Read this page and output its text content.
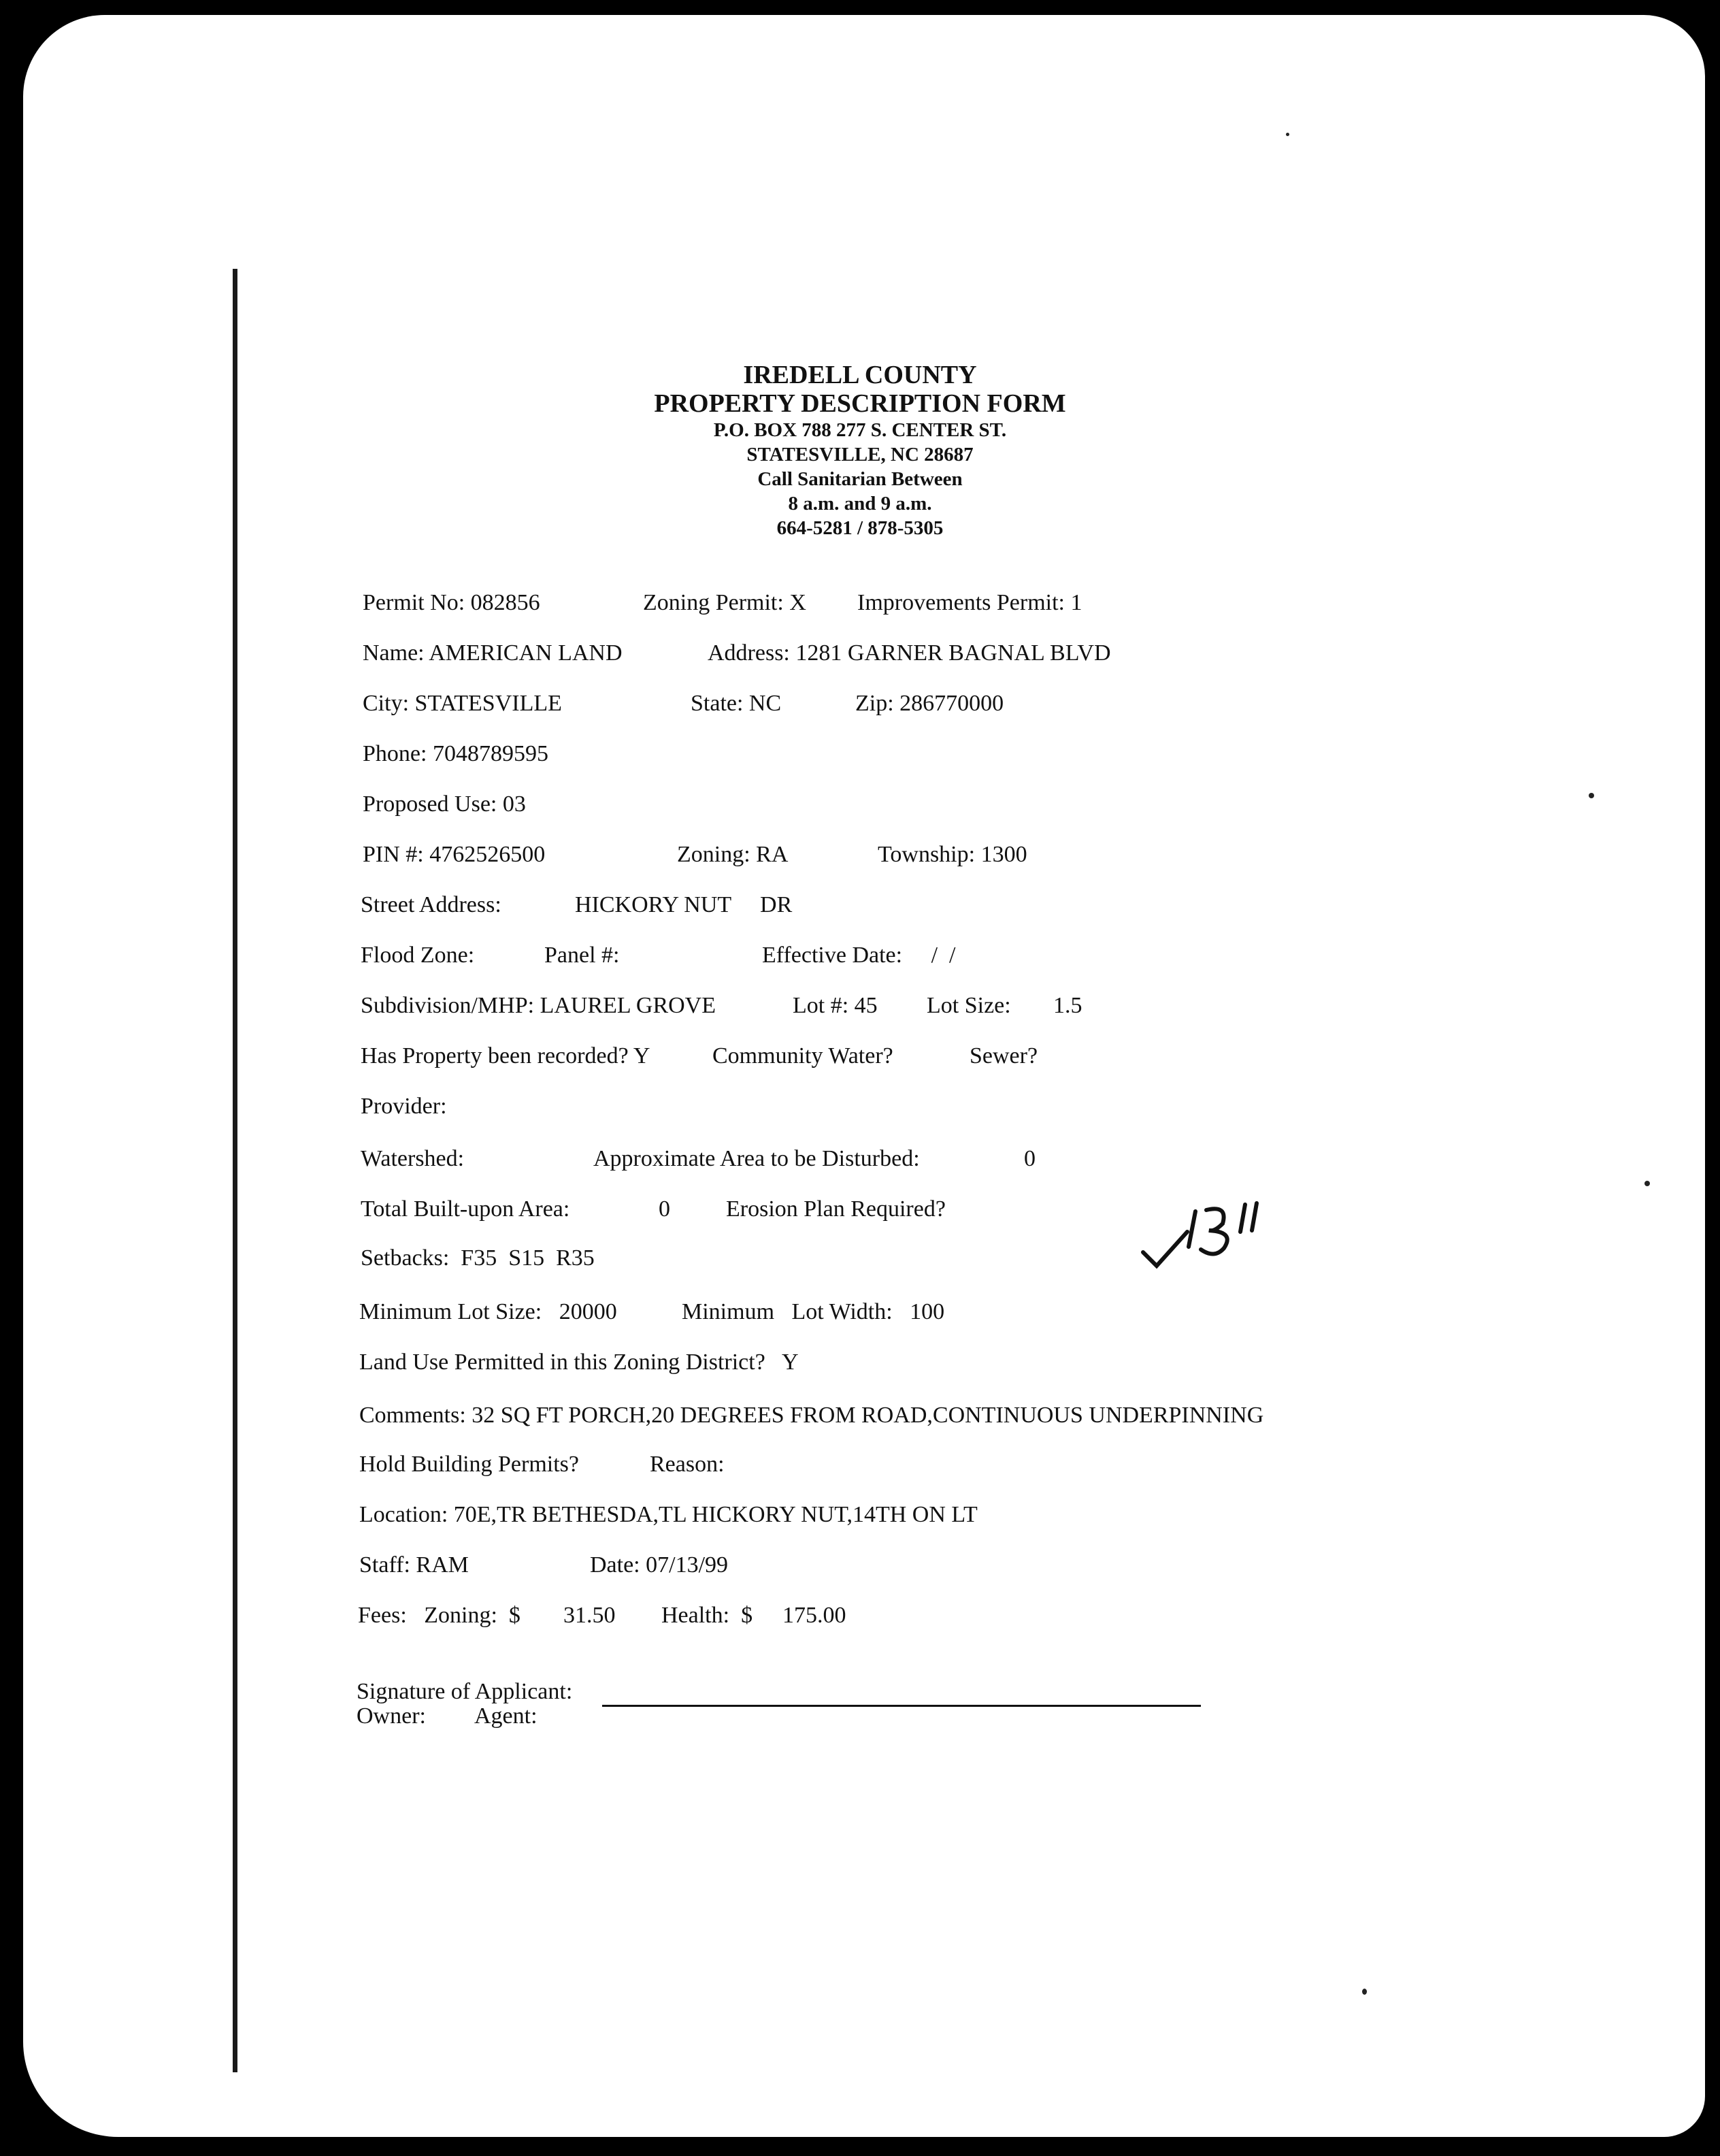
IREDELL COUNTY
PROPERTY DESCRIPTION FORM
P.O. BOX 788 277 S. CENTER ST.
STATESVILLE, NC 28687
Call Sanitarian Between
8 a.m. and 9 a.m.
664-5281 / 878-5305
Permit No: 082856	Zoning Permit: X Improvements Permit: 1
Name: AMERICAN LAND	Address: 1281 GARNER BAGNAL BLVD
City: STATESVILLE	State: NC	Zip: 286770000
Phone: 7048789595
Proposed Use: 03
PIN #: 4762526500	Zoning: RA	Township: 1300
Street Address:	HICKORY NUT     DR
Flood Zone:	Panel #:	Effective Date:     /  /
Subdivision/MHP: LAUREL GROVE	Lot #: 45 Lot Size: 1.5
Has Property been recorded? Y	Community Water?	Sewer?
Provider:
Watershed:	Approximate Area to be Disturbed:	0
Total Built-upon Area:	0 Erosion Plan Required?
Setbacks:  F35  S15  R35
Minimum Lot Size:   20000	Minimum   Lot Width:   100
Land Use Permitted in this Zoning District?   Y
Comments: 32 SQ FT PORCH,20 DEGREES FROM ROAD,CONTINUOUS UNDERPINNING
Hold Building Permits?	Reason:
Location: 70E,TR BETHESDA,TL HICKORY NUT,14TH ON LT
Staff: RAM	Date: 07/13/99
Fees:   Zoning:  $ 31.50 Health:  $ 175.00
Signature of Applicant:
Owner: Agent:
